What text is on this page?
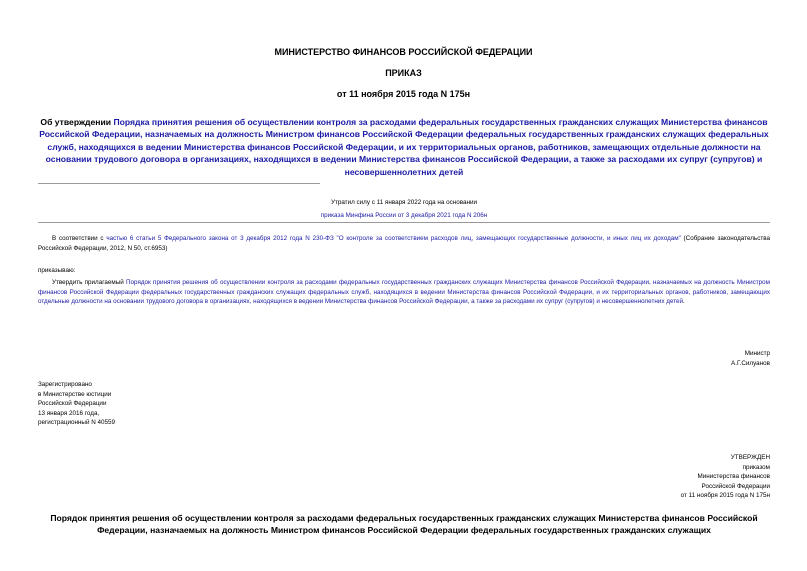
МИНИСТЕРСТВО ФИНАНСОВ РОССИЙСКОЙ ФЕДЕРАЦИИ
ПРИКАЗ
от 11 ноября 2015 года N 175н
Об утверждении Порядка принятия решения об осуществлении контроля за расходами федеральных государственных гражданских служащих Министерства финансов Российской Федерации, назначаемых на должность Министром финансов Российской Федерации федеральных государственных гражданских служащих федеральных служб, находящихся в ведении Министерства финансов Российской Федерации, и их территориальных органов, работников, замещающих отдельные должности на основании трудового договора в организациях, находящихся в ведении Министерства финансов Российской Федерации, а также за расходами их супруг (супругов) и несовершеннолетних детей
Утратил силу с 11 января 2022 года на основании
приказа Минфина России от 3 декабря 2021 года N 206н
В соответствии с частью 6 статьи 5 Федерального закона от 3 декабря 2012 года N 230-ФЗ "О контроле за соответствием расходов лиц, замещающих государственные должности, и иных лиц их доходам" (Собрание законодательства Российской Федерации, 2012, N 50, ст.6953)
приказываю:
Утвердить прилагаемый Порядок принятия решения об осуществлении контроля за расходами федеральных государственных гражданских служащих Министерства финансов Российской Федерации, назначаемых на должность Министром финансов Российской Федерации федеральных государственных гражданских служащих федеральных служб, находящихся в ведении Министерства финансов Российской Федерации, и их территориальных органов, работников, замещающих отдельные должности на основании трудового договора в организациях, находящихся в ведении Министерства финансов Российской Федерации, а также за расходами их супруг (супругов) и несовершеннолетних детей.
Министр
А.Г.Силуанов
Зарегистрировано
в Министерстве юстиции
Российской Федерации
13 января 2016 года,
регистрационный N 40559
УТВЕРЖДЕН
приказом
Министерства финансов
Российской Федерации
от 11 ноября 2015 года N 175н
Порядок принятия решения об осуществлении контроля за расходами федеральных государственных гражданских служащих Министерства финансов Российской Федерации, назначаемых на должность Министром финансов Российской Федерации федеральных государственных гражданских служащих
